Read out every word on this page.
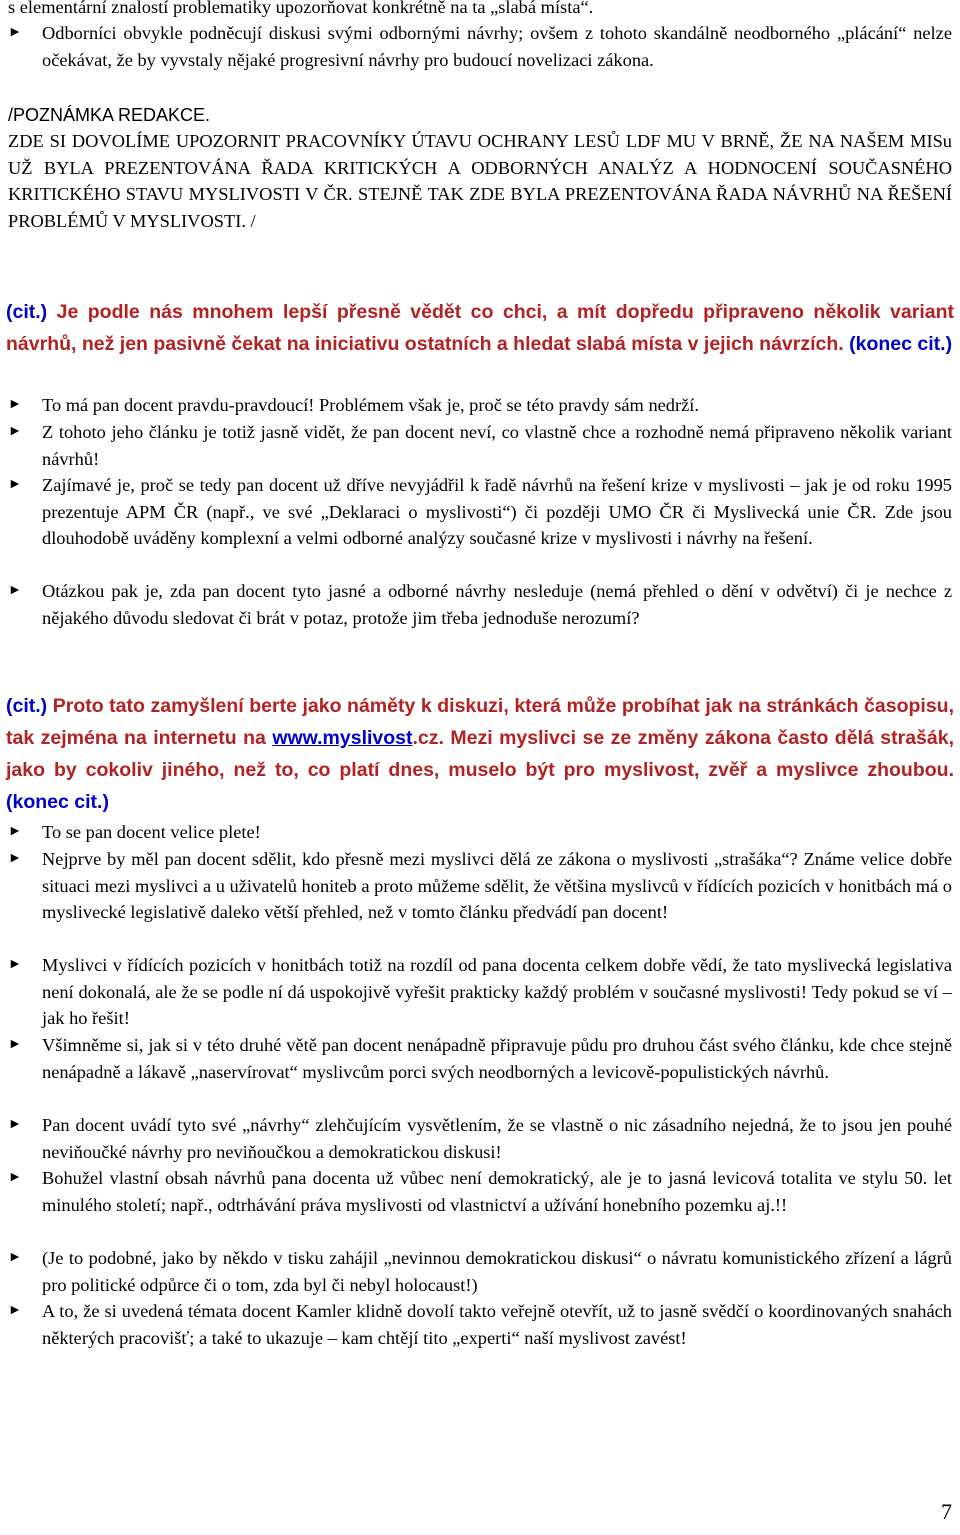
s elementární znalostí problematiky upozorňovat konkrétně na ta „slabá místa“.

► Odborníci obvykle podněcují diskusi svými odbornými návrhy; ovšem z tohoto skandálně neodborného „plácání“ nelze očekávat, že by vyvstaly nějaké progresivní návrhy pro budoucí novelizaci zákona.

/POZNÁMKA REDAKCE.

ZDE SI DOVOLÍME UPOZORNIT PRACOVNÍKY ÚTAVU OCHRANY LESŮ LDF MU V BRNĚ, ŽE NA NAŠEM MISu UŽ BYLA PREZENTOVÁNA ŘADA KRITICKÝCH A ODBORNÝCH ANALÝZ A HODNOCENÍ SOUČASNÉHO KRITICKÉHO STAVU MYSLIVOSTI V ČR. STEJNĚ TAK ZDE BYLA PREZENTOVÁNA ŘADA NÁVRHŮ NA ŘEŠENÍ PROBLÉMŮ V MYSLIVOSTI. /

(cit.) Je podle nás mnohem lepší přesně vědět co chci, a mít dopředu připraveno několik variant návrhů, než jen pasivně čekat na iniciativu ostatních a hledat slabá místa v jejich návrzích. (konec cit.)

► To má pan docent pravdu-pravdoucí! Problémem však je, proč se této pravdy sám nedrží.
► Z tohoto jeho článku je totiž jasně vidět, že pan docent neví, co vlastně chce a rozhodně nemá připraveno několik variant návrhů!
► Zajímavé je, proč se tedy pan docent už dříve nevyjádřil k řadě návrhů na řešení krize v myslivosti – jak je od roku 1995 prezentuje APM ČR (např., ve své „Deklaraci o myslivosti“) či později UMO ČR či Myslivecká unie ČR. Zde jsou dlouhodobě uváděny komplexní a velmi odborné analýzy současné krize v myslivosti i návrhy na řešení.
► Otázkou pak je, zda pan docent tyto jasné a odborné návrhy nesleduje (nemá přehled o dění v odvětví) či je nechce z nějakého důvodu sledovat či brát v potaz, protože jim třeba jednoduše nerozumí?

(cit.) Proto tato zamyšlení berte jako náměty k diskuzi, která může probíhat jak na stránkách časopisu, tak zejména na internetu na www.myslivost.cz. Mezi myslivci se ze změny zákona často dělá strašák, jako by cokoliv jiného, než to, co platí dnes, muselo být pro myslivost, zvěř a myslivce zhoubou. (konec cit.)

► To se pan docent velice plete!
► Nejprve by měl pan docent sdělit, kdo přesně mezi myslivci dělá ze zákona o myslivosti „strašáka“? Známe velice dobře situaci mezi myslivci a u uživatelů honiteb a proto můžeme sdělit, že většina myslivců v řídících pozicích v honitbách má o myslivecké legislativě daleko větší přehled, než v tomto článku předvádí pan docent!
► Myslivci v řídících pozicích v honitbách totiž na rozdíl od pana docenta celkem dobře vědí, že tato myslivecká legislativa není dokonalá, ale že se podle ní dá uspokojivě vyřešit prakticky každý problém v současné myslivosti! Tedy pokud se ví – jak ho řešit!
► Všimněme si, jak si v této druhé větě pan docent nenápadně připravuje půdu pro druhou část svého článku, kde chce stejně nenápadně a lákavě „naservírovat“ myslivcům porci svých neodborných a levicově-populistických návrhů.
► Pan docent uvádí tyto své „návrhy“ zlehčujícím vysvětlením, že se vlastně o nic zásadního nejedná, že to jsou jen pouhé neviňoučké návrhy pro neviňoučkou a demokratickou diskusi!
► Bohužel vlastní obsah návrhů pana docenta už vůbec není demokratický, ale je to jasná levicová totalita ve stylu 50. let minulého století; např., odtrhávání práva myslivosti od vlastnictví a užívání honebního pozemku aj.!!
► (Je to podobné, jako by někdo v tisku zahájil „nevinnou demokratickou diskusi“ o návratu komunistického zřízení a lágrů pro politické odpůrce či o tom, zda byl či nebyl holocaust!)
► A to, že si uvedená témata docent Kamler klidně dovolí takto veřejně otevřít, už to jasně svědčí o koordinovaných snahách některých pracovišť; a také to ukazuje – kam chtějí tito „experti“ naší myslivost zavést!
7
